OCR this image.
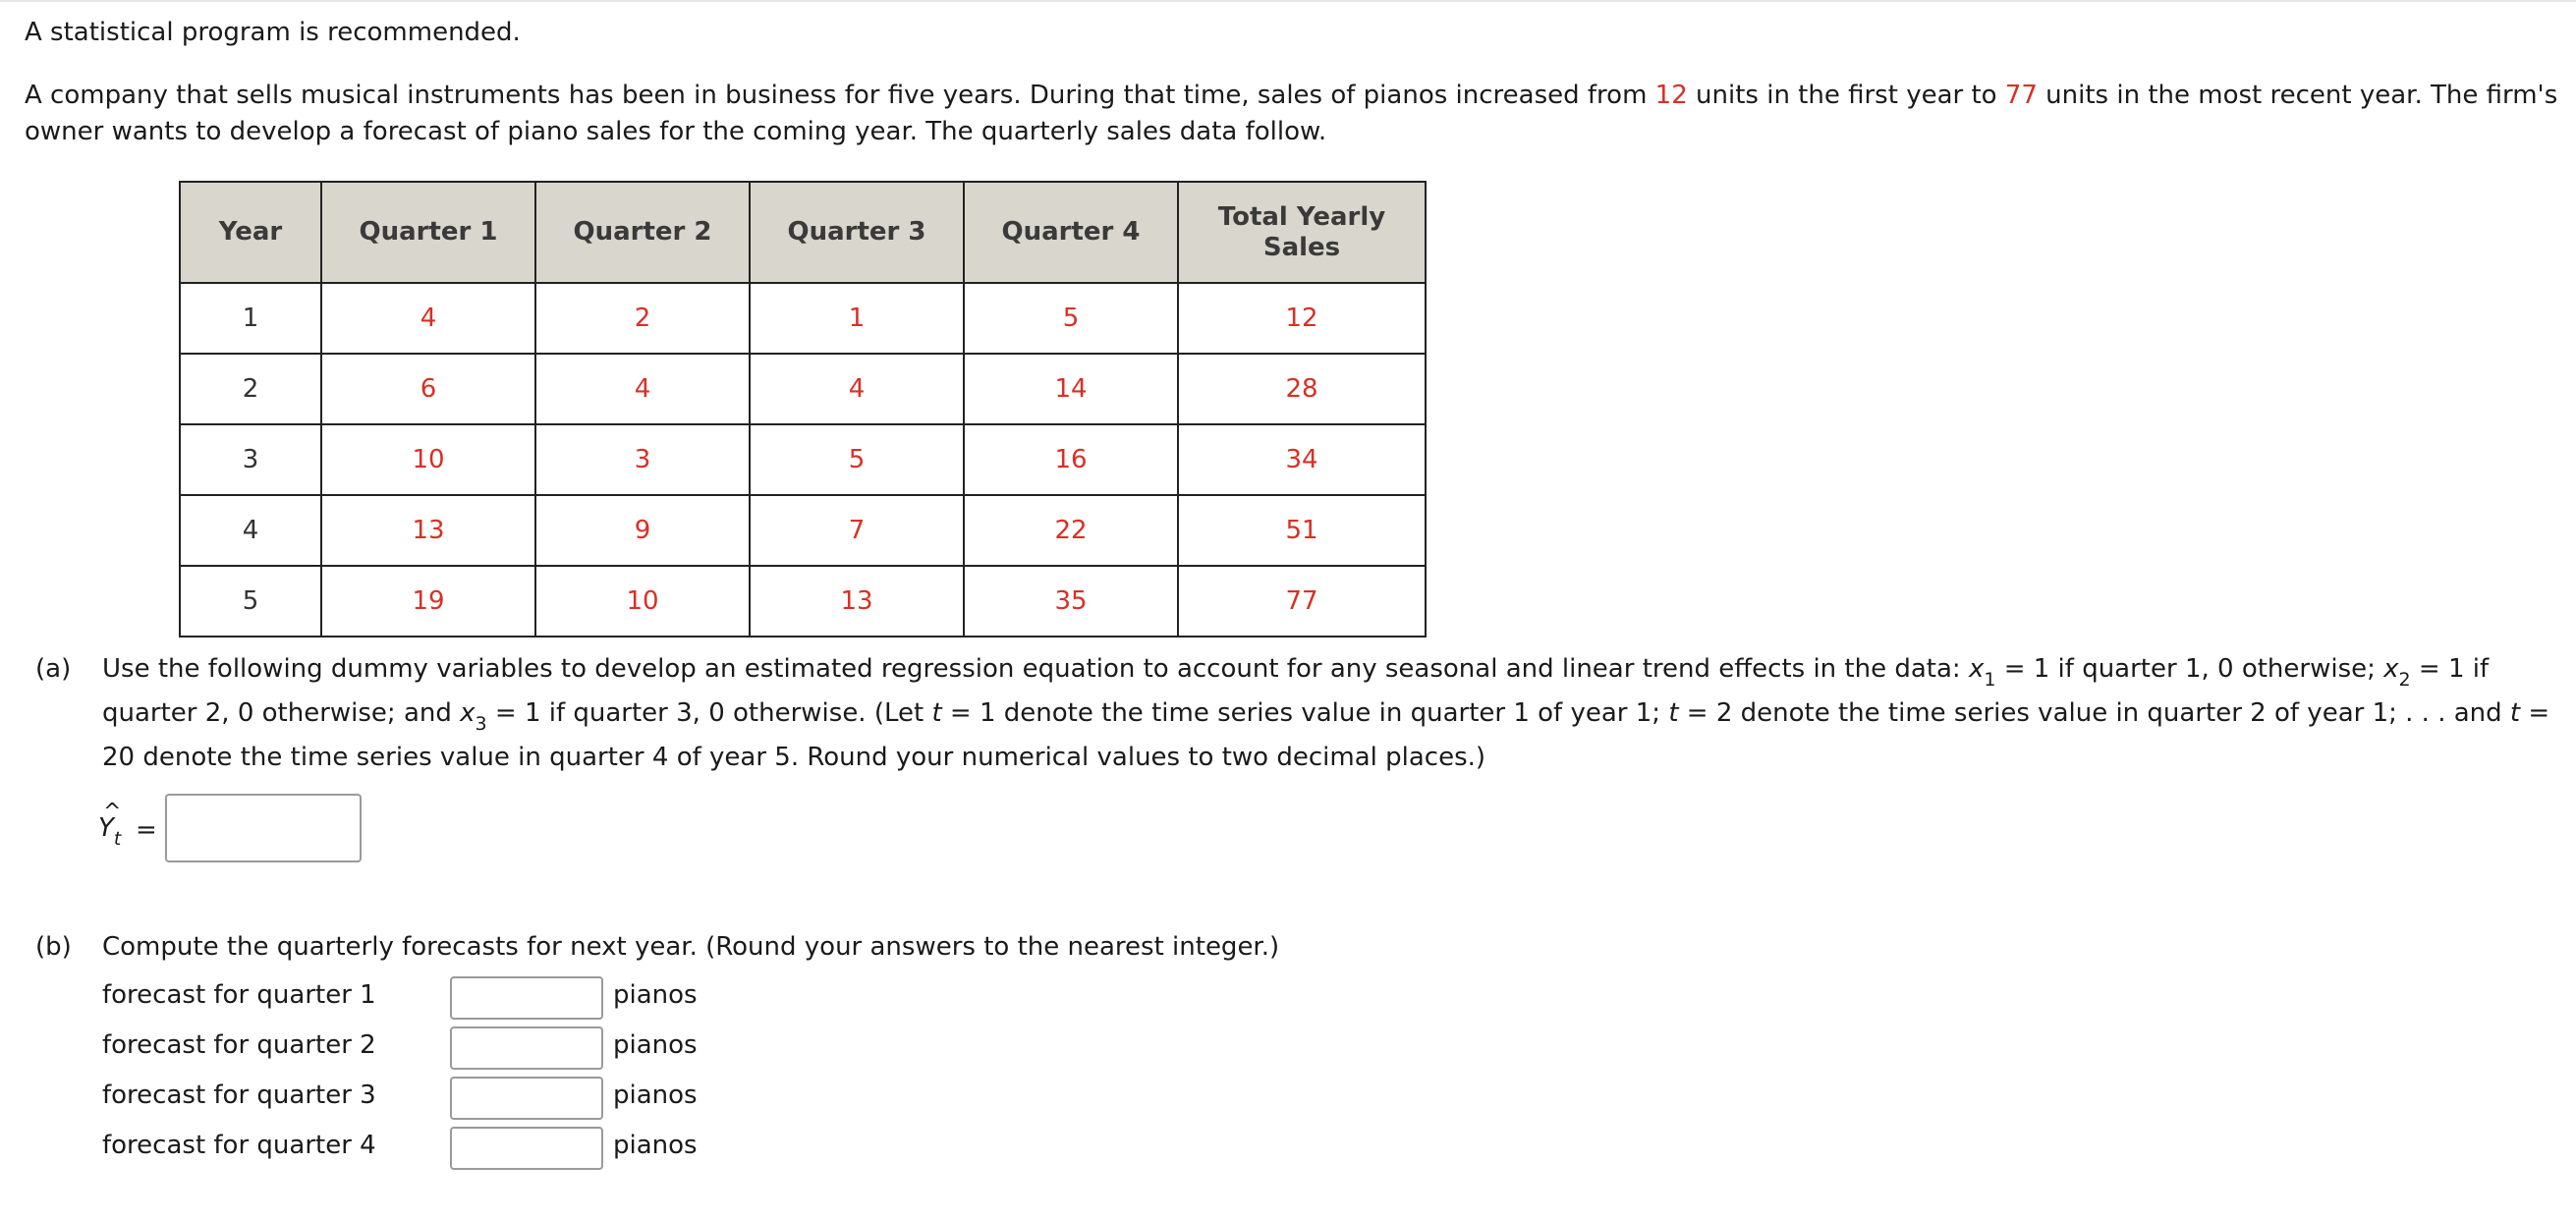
A statistical program is recommended.

A company that sells musical instruments has been in business for five years. During that time, sales of pianos increased from 12 units in the first year to 77 units in the most recent year. The firm's owner wants to develop a forecast of piano sales for the coming year. The quarterly sales data follow.
Year	Quarter 1	Quarter 2	Quarter 3	Quarter 4	Total Yearly Sales
1	4	2	1	5	12
2	6	4	4	14	28
3	10	3	5	16	34
4	13	9	7	22	51
5	19	10	13	35	77
(a) Use the following dummy variables to develop an estimated regression equation to account for any seasonal and linear trend effects in the data: $x_1 = 1$ if quarter 1, 0 otherwise; $x_2 = 1$ if quarter 2, 0 otherwise; and $x_3 = 1$ if quarter 3, 0 otherwise. (Let t = 1 denote the time series value in quarter 1 of year 1; t = 2 denote the time series value in quarter 2 of year 1; . . . and t = 20 denote the time series value in quarter 4 of year 5. Round your numerical values to two decimal places.)
^
$Y_t$ =
(b) Compute the quarterly forecasts for next year. (Round your answers to the nearest integer.)
forecast for quarter 1	pianos
forecast for quarter 2	pianos
forecast for quarter 3	pianos
forecast for quarter 4	pianos
